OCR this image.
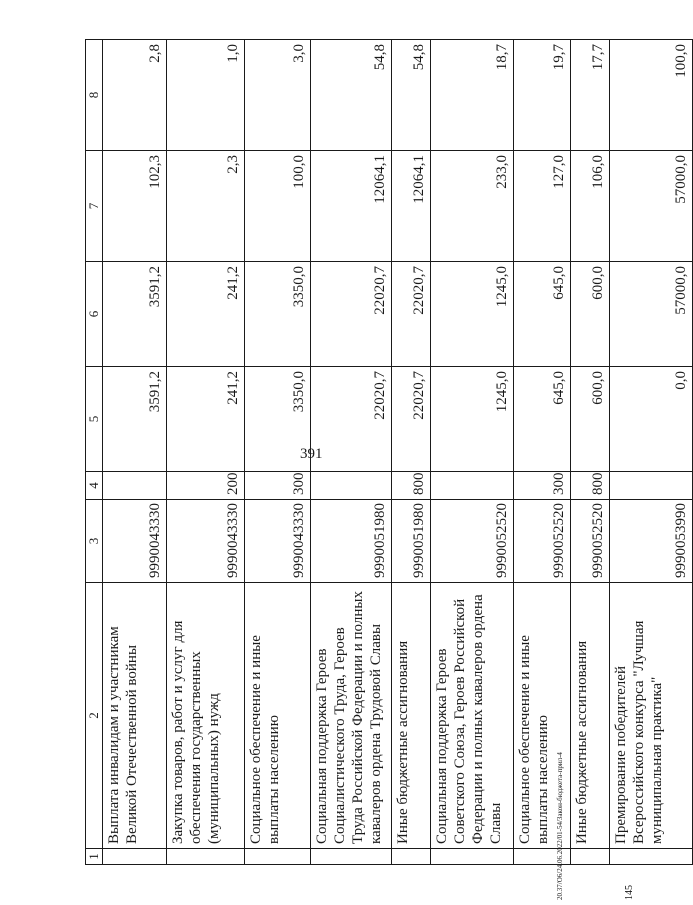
391
1	2	3	4	5	6	7	8
	Выплата инвалидам и участникам Великой Отечественной войны	9990043330		3591,2	3591,2	102,3	2,8
	Закупка товаров, работ и услуг для обеспечения государственных (муниципальных) нужд	9990043330	200	241,2	241,2	2,3	1,0
	Социальное обеспечение и иные выплаты населению	9990043330	300	3350,0	3350,0	100,0	3,0
	Социальная поддержка Героев Социалистического Труда, Героев Труда Российской Федерации и полных кавалеров ордена Трудовой Славы	9990051980		22020,7	22020,7	12064,1	54,8
	Иные бюджетные ассигнования	9990051980	800	22020,7	22020,7	12064,1	54,8
	Социальная поддержка Героев Советского Союза, Героев Российской Федерации и полных кавалеров ордена Славы	9990052520		1245,0	1245,0	233,0	18,7
	Социальное обеспечение и иные выплаты населению	9990052520	300	645,0	645,0	127,0	19,7
	Иные бюджетные ассигнования	9990052520	800	600,0	600,0	106,0	17,7
	Премирование победителей Всероссийского конкурса "Лучшая муниципальная практика"	9990053990		0,0	57000,0	57000,0	100,0
20.37/O6/24.06.2022/01-54/Закон-бюджета-прил-4	145
